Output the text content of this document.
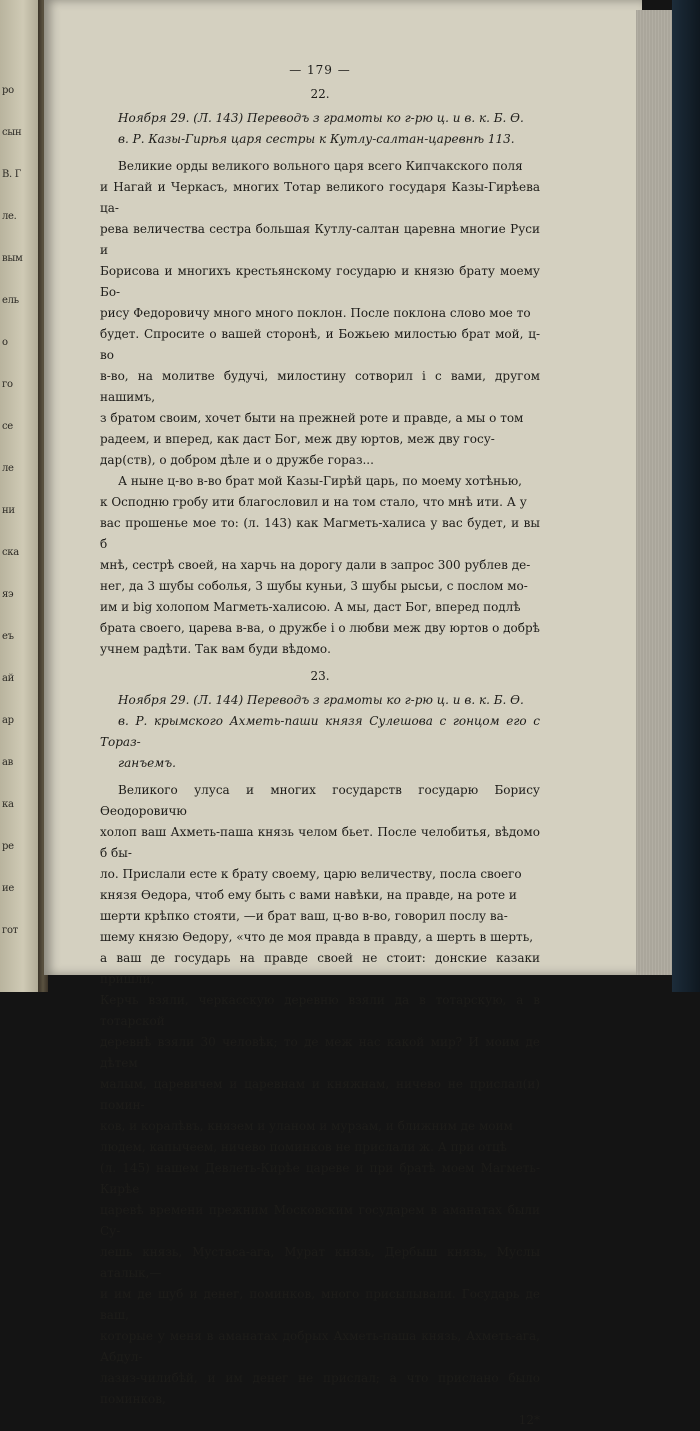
ро
сын
В. Г
ле.
вым
ель
о
го
се
ле
ни
ска
яэ
еъ
ай
ар
ав
ка
ре
ие
гот
— 179 —
22.
Ноября 29. (Л. 143) Переводъ з грамоты ко г-рю ц. и в. к. Б. Ѳ.
в. Р. Казы-Гирѣя царя сестры к Кутлу-салтан-царевнѣ 113.
Великие орды великого вольного царя всего Кипчакского поля
и Нагай и Черкасъ, многих Тотар великого государя Казы-Гирѣева ца-
рева величества сестра большая Кутлу-салтан царевна многие Руси и
Борисова и многихъ крестьянскому государю и князю брату моему Бо-
рису Федоровичу много много поклон. После поклона слово мое то
будет. Спросите о вашей сторонѣ, и Божьею милостью брат мой, ц-во
в-во, на молитве будучі, милостину сотворил і с вами, другом нашимъ,
з братом своим, хочет быти на прежней роте и правде, а мы о том
радеем, и вперед, как даст Бог, меж дву юртов, меж дву госу-
дар(ств), о добром дѣле и о дружбе гораз...
А ныне ц-во в-во брат мой Казы-Гирѣй царь, по моему хотѣнью,
к Осподню гробу ити благословил и на том стало, что мнѣ ити. А у
вас прошенье мое то: (л. 143) как Магметь-халиса у вас будет, и вы б
мнѣ, сестрѣ своей, на харчь на дорогу дали в запрос 300 рублев де-
нег, да 3 шубы соболья, 3 шубы куньи, 3 шубы рысьи, с послом мо-
им и big холопом Магметь-халисою. А мы, даст Бог, вперед подлѣ
брата своего, царева в-ва, о дружбе і о любви меж дву юртов о добрѣ
учнем радѣти. Так вам буди вѣдомо.
23.
Ноября 29. (Л. 144) Переводъ з грамоты ко г-рю ц. и в. к. Б. Ѳ.
в. Р. крымского Ахметь-паши князя Сулешова с гонцом его с Тораз-
ганъемъ.
Великого улуса и многих государств государю Борису Ѳеодоровичю
холоп ваш Ахметь-паша князь челом бьет. После челобитья, вѣдомо б бы-
ло. Прислали есте к брату своему, царю величеству, посла своего
князя Ѳедора, чтоб ему быть с вами навѣки, на правде, на роте и
шерти крѣпко стояти, —и брат ваш, ц-во в-во, говорил послу ва-
шему князю Ѳедору, «что де моя правда в правду, а шерть в шерть,
а ваш де государь на правде своей не стоит: донские казаки пришли,
Керчь взяли, черкасскую деревню взяли да в тотарскую, а в тотарской
деревнѣ взяли 30 человѣк; то де меж нас какой мир? И моим де дѣтем
малым, царевичем и царевнам и княжнам, ничево не прислал(и) помин-
ков, и коралѣвъ, князем и уланом и мурзам, и ближним де моим
людем, капычеем, ничево поминков не прислали ж. А при отцѣ
(л. 145) нашем Девлеть-Кирѣе цареве и при братѣ моем Магметь-Кирѣе
царевѣ времени прежним Московским государем в аманатах были Су-
лешь князь, Мустаса-ага, Мурат князь, Дербыш князь, Муслы аталык,—
и им де шуб и денег, поминков, много присылывали. Государь де ваш,
которые у меня в аманатах добрых Ахметь-паша князь, Ахметь-ага, Абдул-
лазиз-чилибѣй, и им денег не прислал; а что прислано было поминков,
12*
